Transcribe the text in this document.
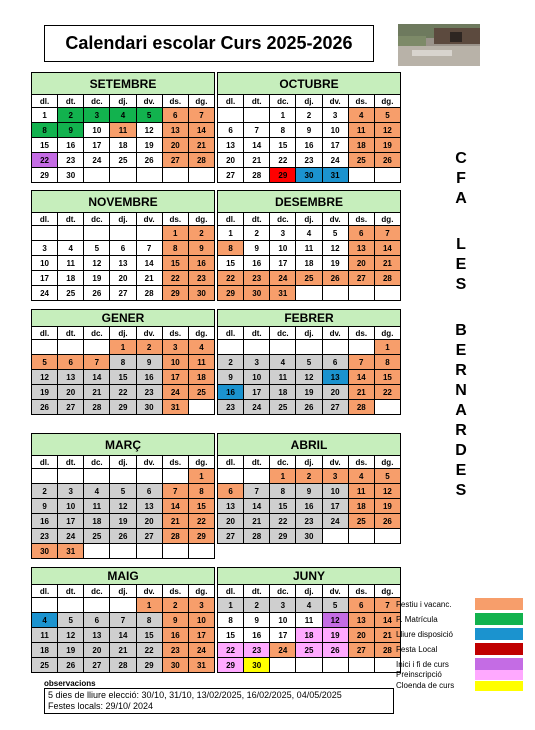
Calendari escolar Curs 2025-2026
SETEMBRE
dl.	dt.	dc.	dj.	dv.	ds.	dg.
1	2	3	4	5	6	7
8	9	10	11	12	13	14
15	16	17	18	19	20	21
22	23	24	25	26	27	28
29	30					
OCTUBRE
dl.	dt.	dc.	dj.	dv.	ds.	dg.
		1	2	3	4	5
6	7	8	9	10	11	12
13	14	15	16	17	18	19
20	21	22	23	24	25	26
27	28	29	30	31		
NOVEMBRE
dl.	dt.	dc.	dj.	dv.	ds.	dg.
					1	2
3	4	5	6	7	8	9
10	11	12	13	14	15	16
17	18	19	20	21	22	23
24	25	26	27	28	29	30
DESEMBRE
dl.	dt.	dc.	dj.	dv.	ds.	dg.
1	2	3	4	5	6	7
8	9	10	11	12	13	14
15	16	17	18	19	20	21
22	23	24	25	26	27	28
29	30	31				
GENER
dl.	dt.	dc.	dj.	dv.	ds.	dg.
			1	2	3	4
5	6	7	8	9	10	11
12	13	14	15	16	17	18
19	20	21	22	23	24	25
26	27	28	29	30	31	
FEBRER
dl.	dt.	dc.	dj.	dv.	ds.	dg.
						1
2	3	4	5	6	7	8
9	10	11	12	13	14	15
16	17	18	19	20	21	22
23	24	25	26	27	28	
MARÇ
dl.	dt.	dc.	dj.	dv.	ds.	dg.
						1
2	3	4	5	6	7	8
9	10	11	12	13	14	15
16	17	18	19	20	21	22
23	24	25	26	27	28	29
30	31					
ABRIL
dl.	dt.	dc.	dj.	dv.	ds.	dg.
		1	2	3	4	5
6	7	8	9	10	11	12
13	14	15	16	17	18	19
20	21	22	23	24	25	26
27	28	29	30			
MAIG
dl.	dt.	dc.	dj.	dv.	ds.	dg.
				1	2	3
4	5	6	7	8	9	10
11	12	13	14	15	16	17
18	19	20	21	22	23	24
25	26	27	28	29	30	31
JUNY
dl.	dt.	dc.	dj.	dv.	ds.	dg.
1	2	3	4	5	6	7
8	9	10	11	12	13	14
15	16	17	18	19	20	21
22	23	24	25	26	27	28
29	30					
C
F
A
L
E
S
B
E
R
N
A
R
D
E
S
Festiu i vacanc.
P. Matrícula
Lliure disposició
Festa Local
Inici i fi de curs
Preinscripció
Cloenda de curs
observacions
5 dies de lliure elecció: 30/10, 31/10, 13/02/2025, 16/02/2025, 04/05/2025
Festes locals: 29/10/ 2024
